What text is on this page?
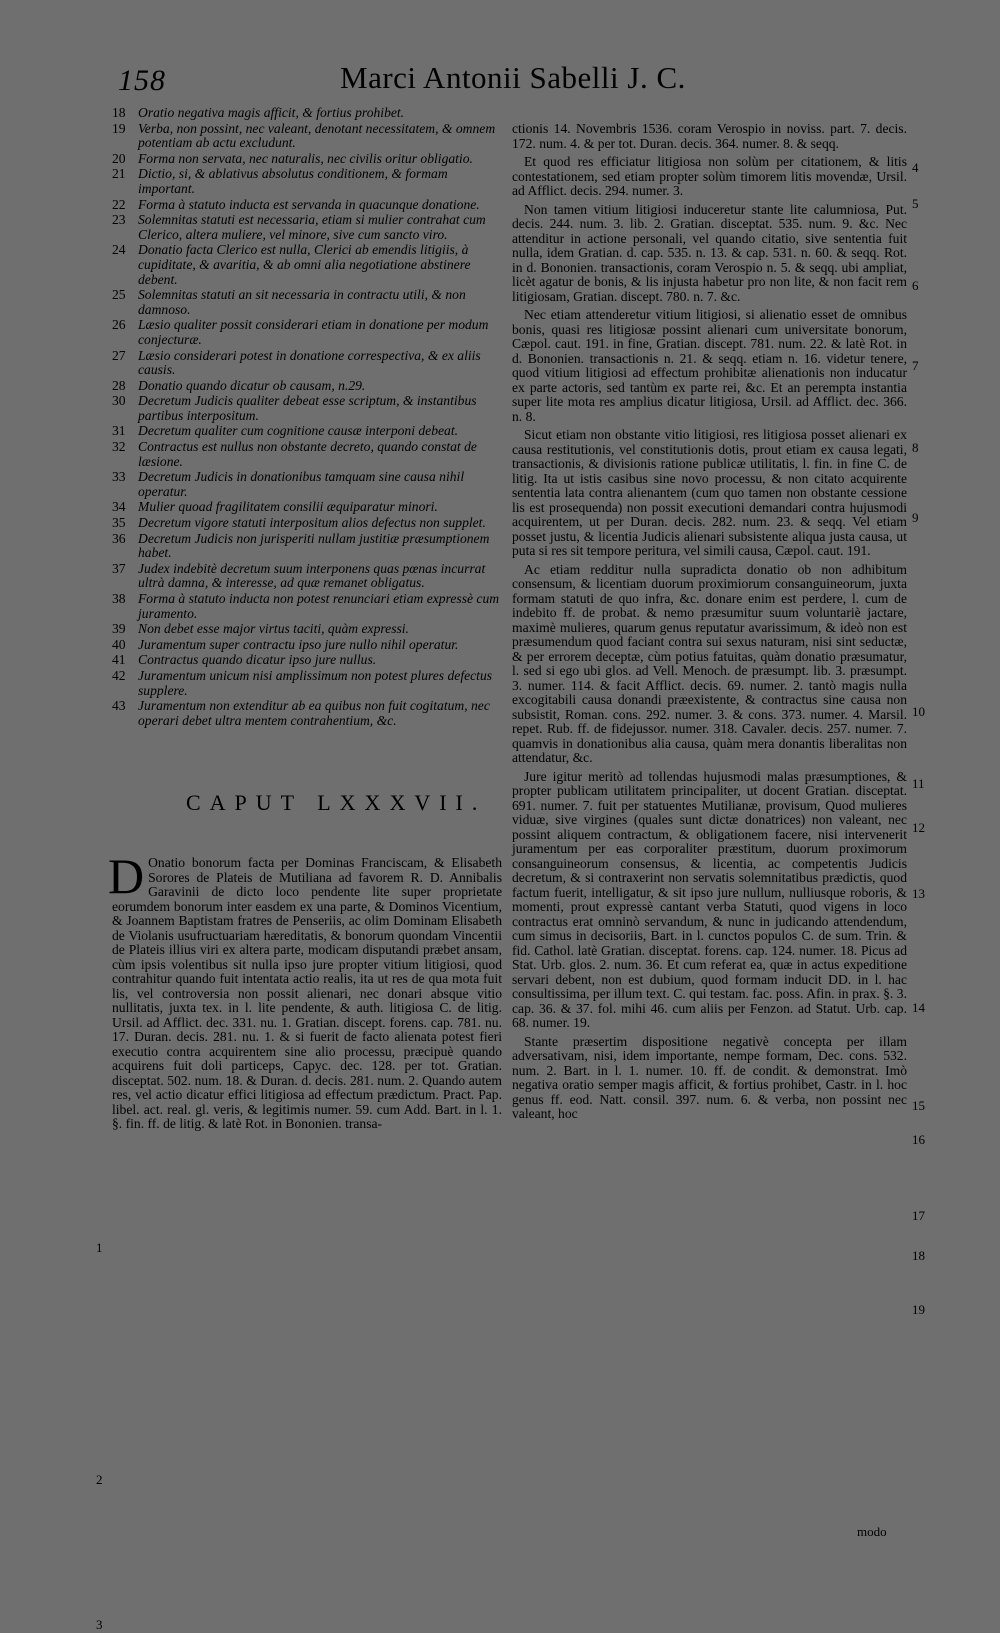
158	Marci Antonii Sabelli J. C.
18 Oratio negativa magis afficit, & fortius prohibet.
19 Verba, non possint, nec valeant, denotant necessitatem, & omnem potentiam ab actu excludunt.
20 Forma non servata, nec naturalis, nec civilis oritur obligatio.
21 Dictio, si, & ablativus absolutus conditionem, & formam important.
22 Forma à statuto inducta est servanda in quacunque donatione.
23 Solemnitas statuti est necessaria, etiam si mulier contrahat cum Clerico, altera muliere, vel minore, sive cum sancto viro.
24 Donatio facta Clerico est nulla, Clerici ab emendis litigiis, à cupiditate, & avaritia, & ab omni alia negotiatione abstinere debent.
25 Solemnitas statuti an sit necessaria in contractu utili, & non damnoso.
26 Læsio qualiter possit considerari etiam in donatione per modum conjecturæ.
27 Læsio considerari potest in donatione correspectiva, & ex aliis causis.
28 Donatio quando dicatur ob causam, n.29.
30 Decretum Judicis qualiter debeat esse scriptum, & instantibus partibus interpositum.
31 Decretum qualiter cum cognitione causæ interponi debeat.
32 Contractus est nullus non obstante decreto, quando constat de læsione.
33 Decretum Judicis in donationibus tamquam sine causa nihil operatur.
34 Mulier quoad fragilitatem consilii æquiparatur minori.
35 Decretum vigore statuti interpositum alios defectus non supplet.
36 Decretum Judicis non jurisperiti nullam justitiæ præsumptionem habet.
37 Judex indebitè decretum suum interponens quas pœnas incurrat ultrà damna, & interesse, ad quæ remanet obligatus.
38 Forma à statuto inducta non potest renunciari etiam expressè cum juramento.
39 Non debet esse major virtus taciti, quàm expressi.
40 Juramentum super contractu ipso jure nullo nihil operatur.
41 Contractus quando dicatur ipso jure nullus.
42 Juramentum unicum nisi amplissimum non potest plures defectus supplere.
43 Juramentum non extenditur ab ea quibus non fuit cogitatum, nec operari debet ultra mentem contrahentium, &c.
CAPUT LXXXVII.

D Onatio bonorum facta per Dominas Franciscam, & Elisabeth Sorores de Plateis de Mutiliana ad favorem R. D. Annibalis Garavinii de dicto loco pendente lite super proprietate eorumdem bonorum inter easdem ex una parte, & Dominos Vicentium, & Joannem Baptistam fratres de Penseriis, ac olim Dominam Elisabeth de Violanis usufructuariam hæreditatis, & bonorum quondam Vincentii de Plateis illius viri ex altera parte, modicam disputandi præbet ansam, cùm ipsis volentibus sit nulla ipso jure propter vitium litigiosi, quod contrahitur quando fuit intentata actio realis, ita ut res de qua mota fuit lis, vel controversia non possit alienari, nec donari absque vitio nullitatis, juxta tex. in l. lite pendente, & auth. litigiosa C. de litig. Ursil. ad Afflict. dec. 331. nu. 1. Gratian. discept. forens. cap. 781. nu. 17. Duran. decis. 281. nu. 1. & si fuerit de facto alienata potest fieri executio contra acquirentem sine alio processu, præcipuè quando acquirens fuit doli particeps, Capyc. dec. 128. per tot. Gratian. disceptat. 502. num. 18. & Duran. d. decis. 281. num. 2. Quando autem res, vel actio dicatur effici litigiosa ad effectum prædictum. Pract. Pap. libel. act. real. gl. veris, & legitimis numer. 59. cum Add. Bart. in l. 1. §. fin. ff. de litig. & latè Rot. in Bononien. transa-

1
2
3

ctionis 14. Novembris 1536. coram Verospio in noviss. part. 7. decis. 172. num. 4. & per tot. Duran. decis. 364. numer. 8. & seqq.

Et quod res efficiatur litigiosa non solùm per citationem, & litis contestationem, sed etiam propter solùm timorem litis movendæ, Ursil. ad Afflict. decis. 294. numer. 3.

Non tamen vitium litigiosi induceretur stante lite calumniosa, Put. decis. 244. num. 3. lib. 2. Gratian. disceptat. 535. num. 9. &c. Nec attenditur in actione personali, vel quando citatio, sive sententia fuit nulla, idem Gratian. d. cap. 535. n. 13. & cap. 531. n. 60. & seqq. Rot. in d. Bononien. transactionis, coram Verospio n. 5. & seqq. ubi ampliat, licèt agatur de bonis, & lis injusta habetur pro non lite, & non facit rem litigiosam, Gratian. discept. 780. n. 7. &c.

Nec etiam attenderetur vitium litigiosi, si alienatio esset de omnibus bonis, quasi res litigiosæ possint alienari cum universitate bonorum, Cæpol. caut. 191. in fine, Gratian. discept. 781. num. 22. & latè Rot. in d. Bononien. transactionis n. 21. & seqq. etiam n. 16. videtur tenere, quod vitium litigiosi ad effectum prohibitæ alienationis non inducatur ex parte actoris, sed tantùm ex parte rei, &c. Et an perempta instantia super lite mota res amplius dicatur litigiosa, Ursil. ad Afflict. dec. 366. n. 8.

Sicut etiam non obstante vitio litigiosi, res litigiosa posset alienari ex causa restitutionis, vel constitutionis dotis, prout etiam ex causa legati, transactionis, & divisionis ratione publicæ utilitatis, l. fin. in fine C. de litig. Ita ut istis casibus sine novo processu, & non citato acquirente sententia lata contra alienantem (cum quo tamen non obstante cessione lis est prosequenda) non possit executioni demandari contra hujusmodi acquirentem, ut per Duran. decis. 282. num. 23. & seqq. Vel etiam posset justu, & licentia Judicis alienari subsistente aliqua justa causa, ut puta si res sit tempore peritura, vel simili causa, Cæpol. caut. 191.

Ac etiam redditur nulla supradicta donatio ob non adhibitum consensum, & licentiam duorum proximiorum consanguineorum, juxta formam statuti de quo infra, &c. donare enim est perdere, l. cum de indebito ff. de probat. & nemo præsumitur suum voluntariè jactare, maximè mulieres, quarum genus reputatur avarissimum, & ideò non est præsumendum quod faciant contra sui sexus naturam, nisi sint seductæ, & per errorem deceptæ, cùm potius fatuitas, quàm donatio præsumatur, l. sed si ego ubi glos. ad Vell. Menoch. de præsumpt. lib. 3. præsumpt. 3. numer. 114. & facit Afflict. decis. 69. numer. 2. tantò magis nulla excogitabili causa donandi præexistente, & contractus sine causa non subsistit, Roman. cons. 292. numer. 3. & cons. 373. numer. 4. Marsil. repet. Rub. ff. de fidejussor. numer. 318. Cavaler. decis. 257. numer. 7. quamvis in donationibus alia causa, quàm mera donantis liberalitas non attendatur, &c.

Jure igitur meritò ad tollendas hujusmodi malas præsumptiones, & propter publicam utilitatem principaliter, ut docent Gratian. disceptat. 691. numer. 7. fuit per statuentes Mutilianæ, provisum, Quod mulieres viduæ, sive virgines (quales sunt dictæ donatrices) non valeant, nec possint aliquem contractum, & obligationem facere, nisi intervenerit juramentum per eas corporaliter præstitum, duorum proximorum consanguineorum consensus, & licentia, ac competentis Judicis decretum, & si contraxerint non servatis solemnitatibus prædictis, quod factum fuerit, intelligatur, & sit ipso jure nullum, nulliusque roboris, & momenti, prout expressè cantant verba Statuti, quod vigens in loco contractus erat omninò servandum, & nunc in judicando attendendum, cum simus in decisoriis, Bart. in l. cunctos populos C. de sum. Trin. & fid. Cathol. latè Gratian. disceptat. forens. cap. 124. numer. 18. Picus ad Stat. Urb. glos. 2. num. 36. Et cum referat ea, quæ in actus expeditione servari debent, non est dubium, quod formam inducit DD. in l. hac consultissima, per illum text. C. qui testam. fac. poss. Afin. in prax. §. 3. cap. 36. & 37. fol. mihi 46. cum aliis per Fenzon. ad Statut. Urb. cap. 68. numer. 19.

Stante præsertim dispositione negativè concepta per illam adversativam, nisi, idem importante, nempe formam, Dec. cons. 532. num. 2. Bart. in l. 1. numer. 10. ff. de condit. & demonstrat. Imò negativa oratio semper magis afficit, & fortius prohibet, Castr. in l. hoc genus ff. eod. Natt. consil. 397. num. 6. & verba, non possint nec valeant, hoc

4
5
6
7
8
9
10
11
12
13
14
15
16
17
18
19
modo
